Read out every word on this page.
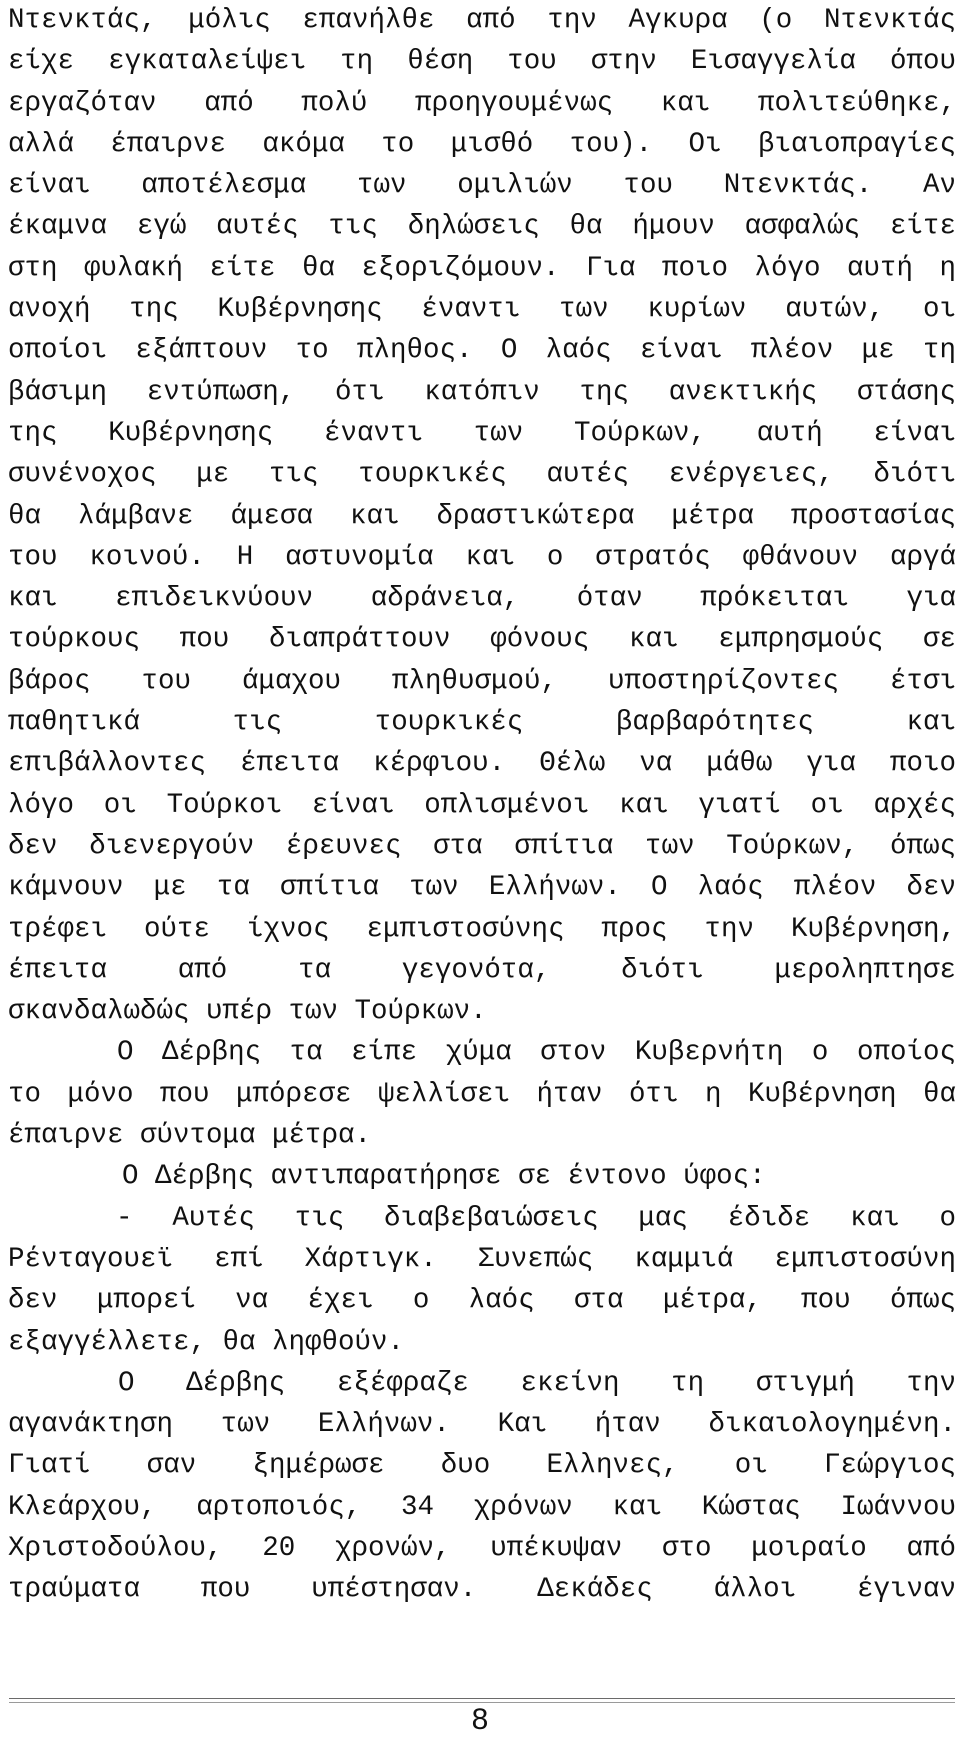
Ντενκτάς, μόλις επανήλθε από την Αγκυρα (ο Ντενκτάς
είχε εγκαταλείψει τη θέση του στην Εισαγγελία όπου
εργαζόταν από πολύ προηγουμένως και πολιτεύθηκε,
αλλά έπαιρνε ακόμα το μισθό του). Οι βιαιοπραγίες
είναι αποτέλεσμα των ομιλιών του Ντενκτάς. Αν
έκαμνα εγώ αυτές τις δηλώσεις θα ήμουν ασφαλώς είτε
στη φυλακή είτε θα εξοριζόμουν. Για ποιο λόγο αυτή η
ανοχή της Κυβέρνησης έναντι των κυρίων αυτών, οι
οποίοι εξάπτουν το πληθος. Ο λαός είναι πλέον με τη
βάσιμη εντύπωση, ότι κατόπιν της ανεκτικής στάσης
της Κυβέρνησης έναντι των Τούρκων, αυτή είναι
συνένοχος με τις τουρκικές αυτές ενέργειες, διότι
θα λάμβανε άμεσα και δραστικώτερα μέτρα προστασίας
του κοινού. Η αστυνομία και ο στρατός φθάνουν αργά
και επιδεικνύουν αδράνεια, όταν πρόκειται για
τούρκους που διαπράττουν φόνους και εμπρησμούς σε
βάρος του άμαχου πληθυσμού, υποστηρίζοντες έτσι
παθητικά τις τουρκικές βαρβαρότητες και
επιβάλλοντες έπειτα κέρφιου. Θέλω να μάθω για ποιο
λόγο οι Τούρκοι είναι οπλισμένοι και γιατί οι αρχές
δεν διενεργούν έρευνες στα σπίτια των Τούρκων, όπως
κάμνουν με τα σπίτια των Ελλήνων. Ο λαός πλέον δεν
τρέφει ούτε ίχνος εμπιστοσύνης προς την Κυβέρνηση,
έπειτα από τα γεγονότα, διότι μεροληπτησε
σκανδαλωδώς υπέρ των Τούρκων.
Ο Δέρβης τα είπε χύμα στον Κυβερνήτη ο οποίος
το μόνο που μπόρεσε ψελλίσει ήταν ότι η Κυβέρνηση θα
έπαιρνε σύντομα μέτρα.
Ο Δέρβης αντιπαρατήρησε σε έντονο ύφος:
- Αυτές τις διαβεβαιώσεις μας έδιδε και ο
Ρένταγουεϊ επί Χάρτιγκ. Συνεπώς καμμιά εμπιστοσύνη
δεν μπορεί να έχει ο λαός στα μέτρα, που όπως
εξαγγέλλετε, θα ληφθούν.
Ο Δέρβης εξέφραζε εκείνη τη στιγμή την
αγανάκτηση των Ελλήνων. Και ήταν δικαιολογημένη.
Γιατί σαν ξημέρωσε δυο Ελληνες, οι Γεώργιος
Κλεάρχου, αρτοποιός, 34 χρόνων και Κώστας Ιωάννου
Χριστοδούλου, 20 χρονών, υπέκυψαν στο μοιραίο από
τραύματα που υπέστησαν. Δεκάδες άλλοι έγιναν
8
